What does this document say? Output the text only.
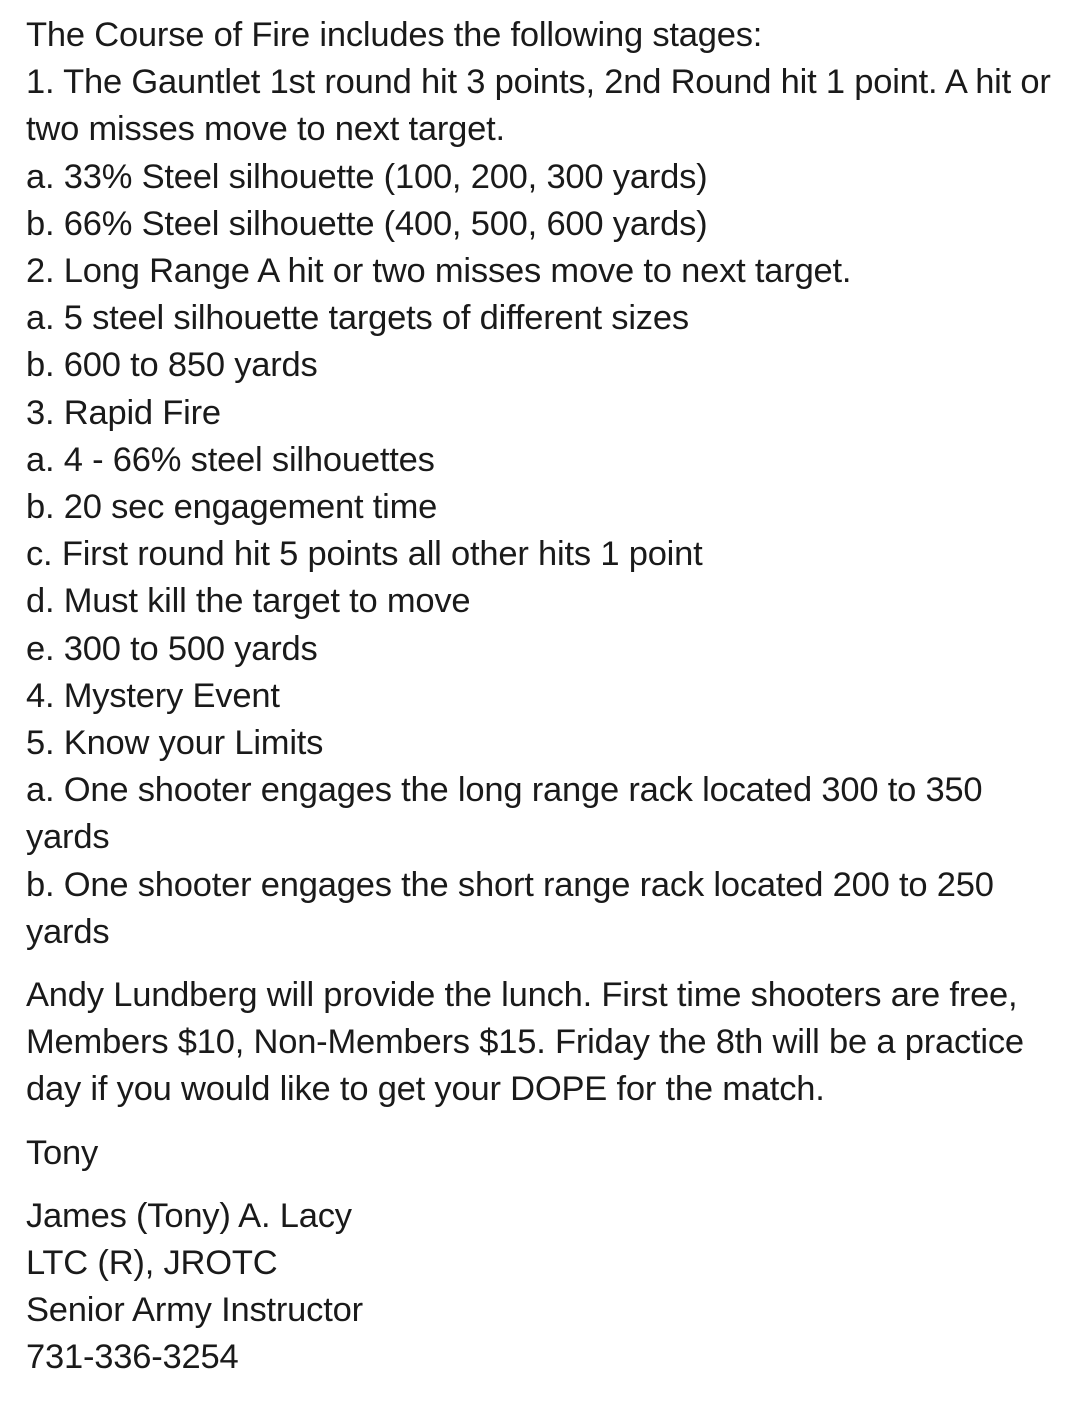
The Course of Fire includes the following stages:
1. The Gauntlet 1st round hit 3 points, 2nd Round hit 1 point. A hit or two misses move to next target.
a. 33% Steel silhouette (100, 200, 300 yards)
b. 66% Steel silhouette (400, 500, 600 yards)
2. Long Range A hit or two misses move to next target.
a. 5 steel silhouette targets of different sizes
b. 600 to 850 yards
3. Rapid Fire
a. 4 - 66% steel silhouettes
b. 20 sec engagement time
c. First round hit 5 points all other hits 1 point
d. Must kill the target to move
e. 300 to 500 yards
4. Mystery Event
5. Know your Limits
a. One shooter engages the long range rack located 300 to 350 yards
b. One shooter engages the short range rack located 200 to 250 yards
Andy Lundberg will provide the lunch. First time shooters are free, Members $10, Non-Members $15. Friday the 8th will be a practice day if you would like to get your DOPE for the match.
Tony
James (Tony) A. Lacy
LTC (R), JROTC
Senior Army Instructor
731-336-3254
